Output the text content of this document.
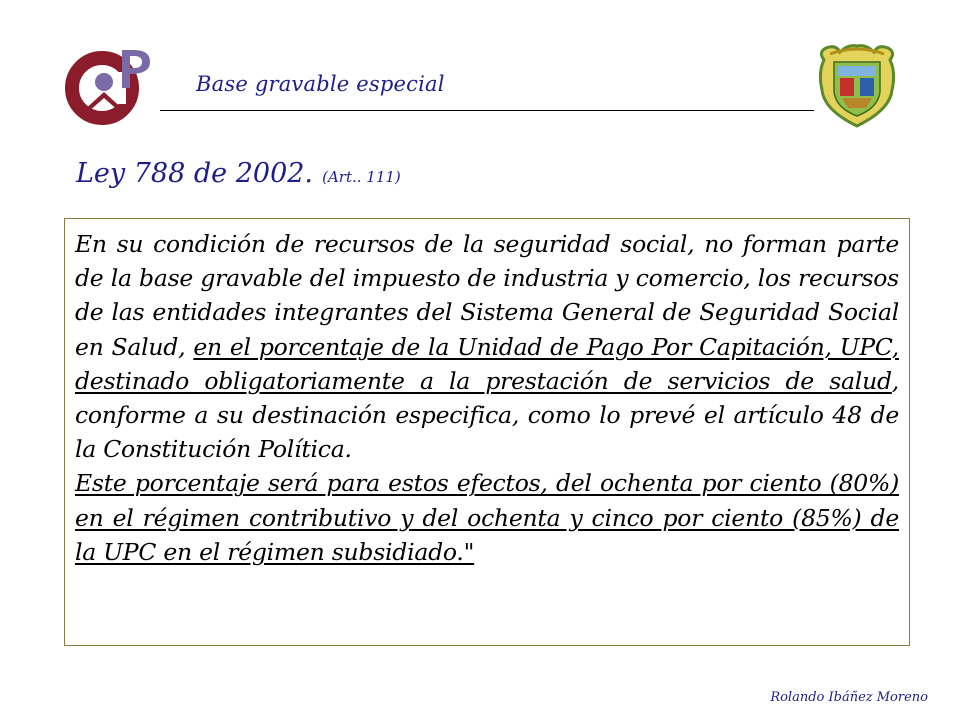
Base gravable especial
Ley 788 de 2002. (Art.. 111)

En su condición de recursos de la seguridad social, no forman parte de la base gravable del impuesto de industria y comercio, los recursos de las entidades integrantes del Sistema General de Seguridad Social en Salud, en el porcentaje de la Unidad de Pago Por Capitación, UPC, destinado obligatoriamente a la prestación de servicios de salud, conforme a su destinación especifica, como lo prevé el artículo 48 de la Constitución Política.

Este porcentaje será para estos efectos, del ochenta por ciento (80%) en el régimen contributivo y del ochenta y cinco por ciento (85%) de la UPC en el régimen subsidiado."

Rolando Ibáñez Moreno
